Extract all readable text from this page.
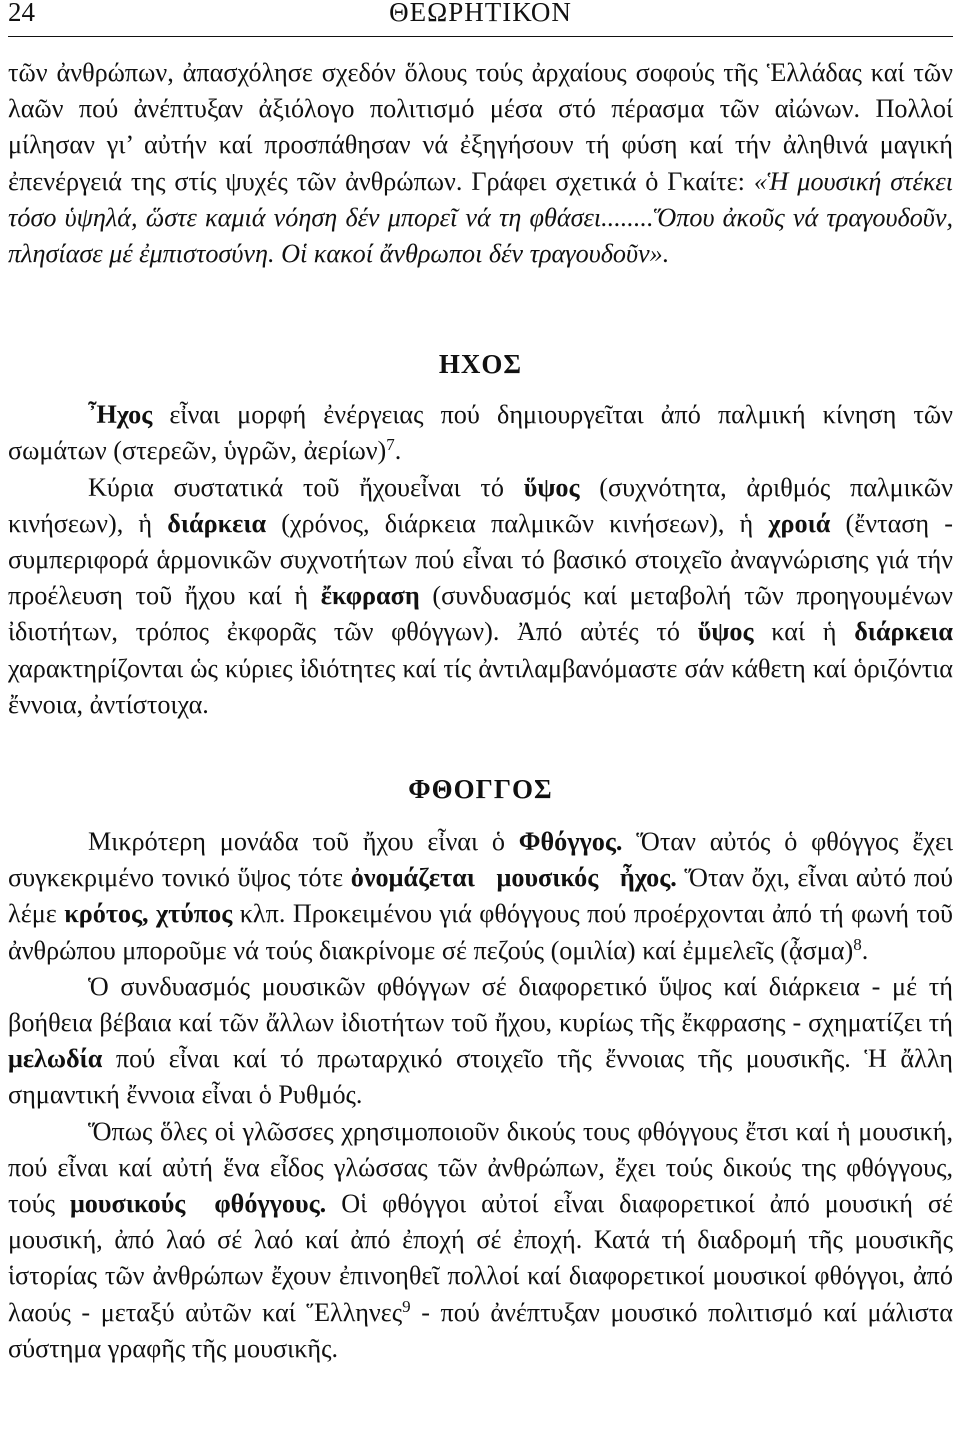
24	ΘΕΩΡΗΤΙΚΟΝ

τῶν ἀνθρώπων, ἀπασχόλησε σχεδόν ὅλους τούς ἀρχαίους σοφούς τῆς Ἑλλάδας καί τῶν λαῶν πού ἀνέπτυξαν ἀξιόλογο πολιτισμό μέσα στό πέρασμα τῶν αἰώνων. Πολλοί μίλησαν γι’ αὐτήν καί προσπάθησαν νά ἐξηγήσουν τή φύση καί τήν ἀληθινά μαγική ἐπενέργειά της στίς ψυχές τῶν ἀνθρώπων. Γράφει σχετικά ὁ Γκαίτε: «Ἡ μουσική στέκει τόσο ὑψηλά, ὥστε καμιά νόηση δέν μπορεῖ νά τη φθάσει........Ὅπου ἀκοῦς νά τραγουδοῦν, πλησίασε μέ ἐμπιστοσύνη. Οἱ κακοί ἄνθρωποι δέν τραγουδοῦν».

ΗΧΟΣ

Ἦχος εἶναι μορφή ἐνέργειας πού δημιουργεῖται ἀπό παλμική κίνηση τῶν σωμάτων (στερεῶν, ὑγρῶν, ἀερίων)$^7$.

Κύρια συστατικά τοῦ ἤχουεἶναι τό ὕψος (συχνότητα, ἀριθμός παλμικῶν κινήσεων), ἡ διάρκεια (χρόνος, διάρκεια παλμικῶν κινήσεων), ἡ χροιά (ἔνταση - συμπεριφορά ἁρμονικῶν συχνοτήτων πού εἶναι τό βασικό στοιχεῖο ἀναγνώρισης γιά τήν προέλευση τοῦ ἤχου καί ἡ ἔκφραση (συνδυασμός καί μεταβολή τῶν προηγουμένων ἰδιοτήτων, τρόπος ἐκφορᾶς τῶν φθόγγων). Ἀπό αὐτές τό ὕψος καί ἡ διάρκεια χαρακτηρίζονται ὡς κύριες ἰδιότητες καί τίς ἀντιλαμβανόμαστε σάν κάθετη καί ὁριζόντια ἔννοια, ἀντίστοιχα.

ΦΘΟΓΓΟΣ

Μικρότερη μονάδα τοῦ ἤχου εἶναι ὁ Φθόγγος. Ὅταν αὐτός ὁ φθόγγος ἔχει συγκεκριμένο τονικό ὕψος τότε ὀνομάζεται μουσικός ἦχος. Ὅταν ὄχι, εἶναι αὐτό πού λέμε κρότος, χτύπος κλπ. Προκειμένου γιά φθόγγους πού προέρχονται ἀπό τή φωνή τοῦ ἀνθρώπου μποροῦμε νά τούς διακρίνομε σέ πεζούς (ομιλία) καί ἐμμελεῖς (ᾆσμα)$^8$.

Ὁ συνδυασμός μουσικῶν φθόγγων σέ διαφορετικό ὕψος καί διάρκεια - μέ τή βοήθεια βέβαια καί τῶν ἄλλων ἰδιοτήτων τοῦ ἤχου, κυρίως τῆς ἔκφρασης - σχηματίζει τή μελωδία πού εἶναι καί τό πρωταρχικό στοιχεῖο τῆς ἔννοιας τῆς μουσικῆς. Ἡ ἄλλη σημαντική ἔννοια εἶναι ὁ Ρυθμός.

Ὅπως ὅλες οἱ γλῶσσες χρησιμοποιοῦν δικούς τους φθόγγους ἔτσι καί ἡ μουσική, πού εἶναι καί αὐτή ἕνα εἶδος γλώσσας τῶν ἀνθρώπων, ἔχει τούς δικούς της φθόγγους, τούς μουσικούς φθόγγους. Οἱ φθόγγοι αὐτοί εἶναι διαφορετικοί ἀπό μουσική σέ μουσική, ἀπό λαό σέ λαό καί ἀπό ἐποχή σέ ἐποχή. Κατά τή διαδρομή τῆς μουσικῆς ἱστορίας τῶν ἀνθρώπων ἔχουν ἐπινοηθεῖ πολλοί καί διαφορετικοί μουσικοί φθόγγοι, ἀπό λαούς - μεταξύ αὐτῶν καί Ἕλληνες$^9$ - πού ἀνέπτυξαν μουσικό πολιτισμό καί μάλιστα σύστημα γραφῆς τῆς μουσικῆς.
